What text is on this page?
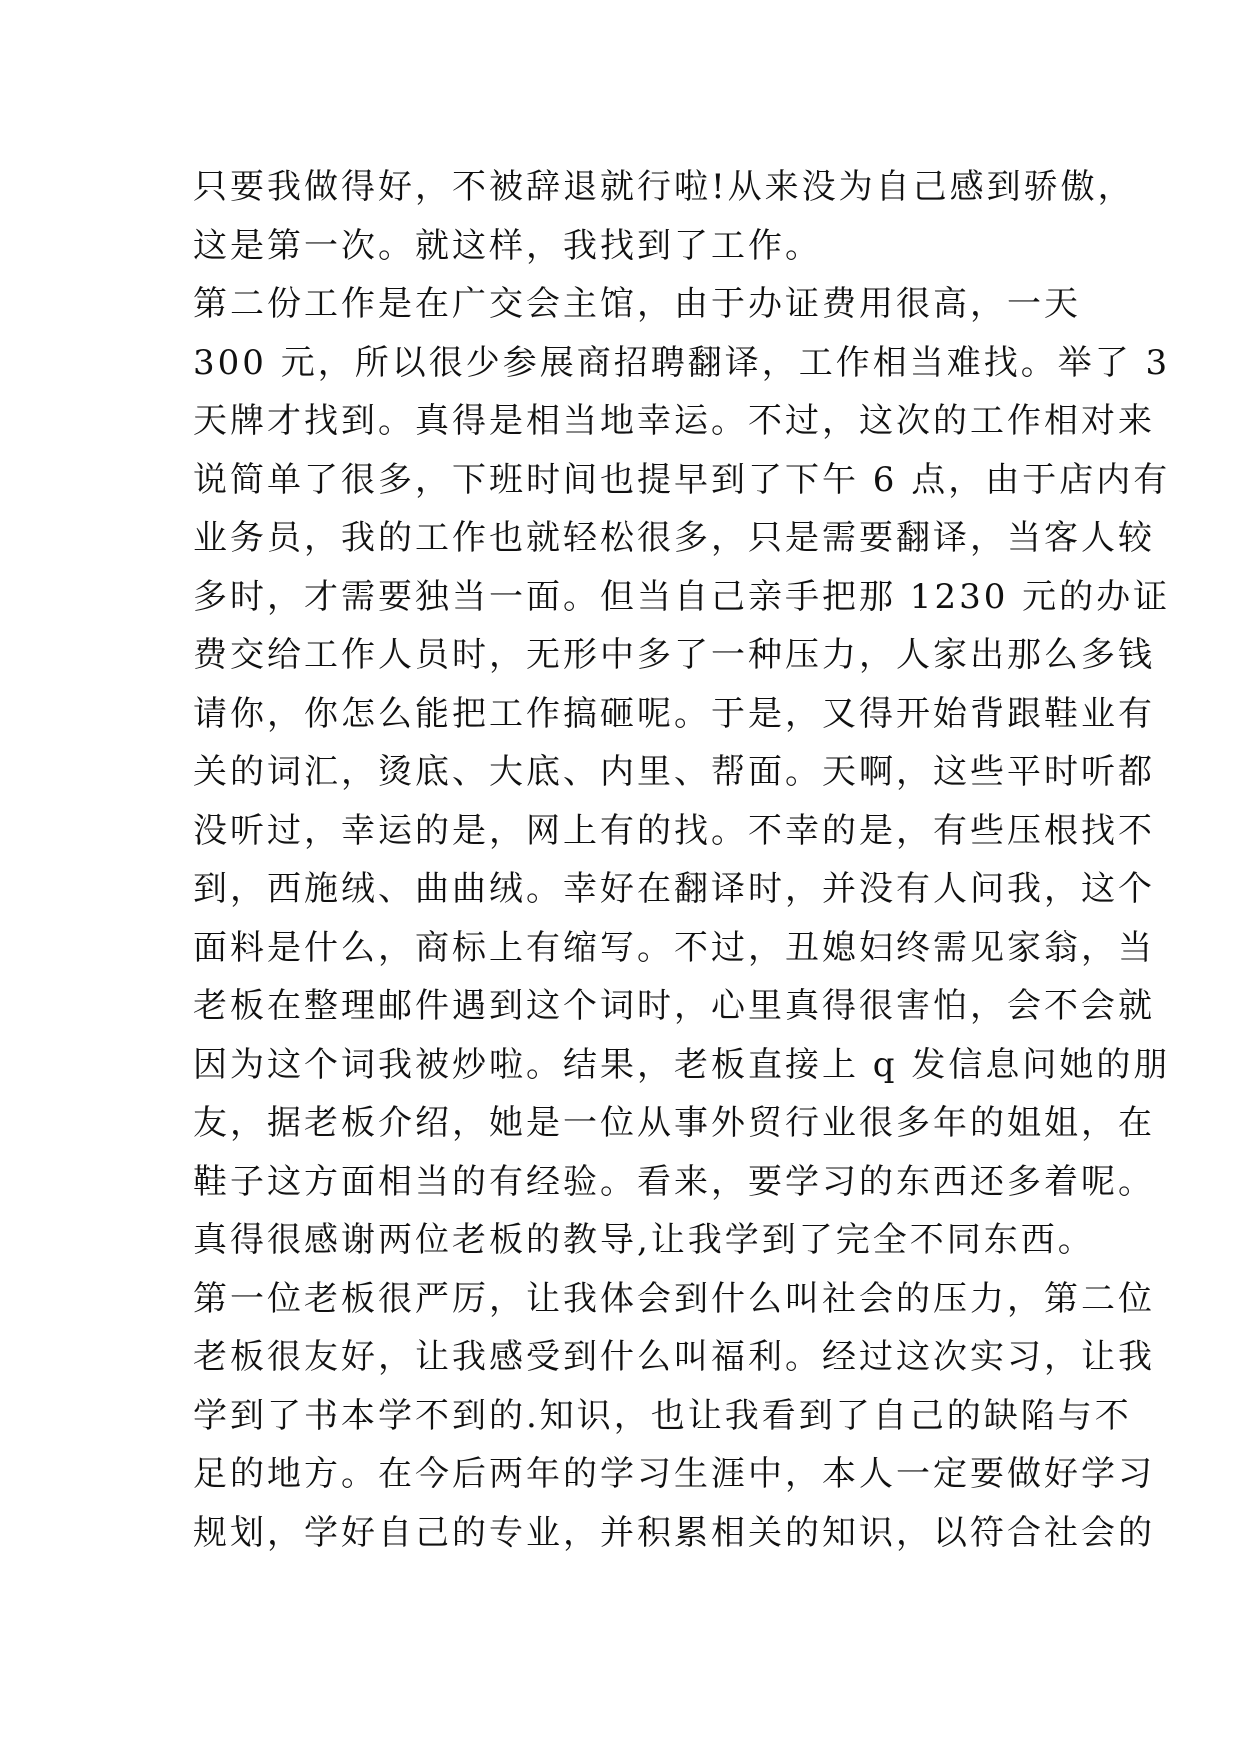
只要我做得好，不被辞退就行啦!从来没为自己感到骄傲，
这是第一次。就这样，我找到了工作。
第二份工作是在广交会主馆，由于办证费用很高，一天
300 元，所以很少参展商招聘翻译，工作相当难找。举了 3
天牌才找到。真得是相当地幸运。不过，这次的工作相对来
说简单了很多，下班时间也提早到了下午 6 点，由于店内有
业务员，我的工作也就轻松很多，只是需要翻译，当客人较
多时，才需要独当一面。但当自己亲手把那 1230 元的办证
费交给工作人员时，无形中多了一种压力，人家出那么多钱
请你，你怎么能把工作搞砸呢。于是，又得开始背跟鞋业有
关的词汇，烫底、大底、内里、帮面。天啊，这些平时听都
没听过，幸运的是，网上有的找。不幸的是，有些压根找不
到，西施绒、曲曲绒。幸好在翻译时，并没有人问我，这个
面料是什么，商标上有缩写。不过，丑媳妇终需见家翁，当
老板在整理邮件遇到这个词时，心里真得很害怕，会不会就
因为这个词我被炒啦。结果，老板直接上 q 发信息问她的朋
友，据老板介绍，她是一位从事外贸行业很多年的姐姐，在
鞋子这方面相当的有经验。看来，要学习的东西还多着呢。
真得很感谢两位老板的教导,让我学到了完全不同东西。
第一位老板很严厉，让我体会到什么叫社会的压力，第二位
老板很友好，让我感受到什么叫福利。经过这次实习，让我
学到了书本学不到的.知识，也让我看到了自己的缺陷与不
足的地方。在今后两年的学习生涯中，本人一定要做好学习
规划，学好自己的专业，并积累相关的知识，以符合社会的
